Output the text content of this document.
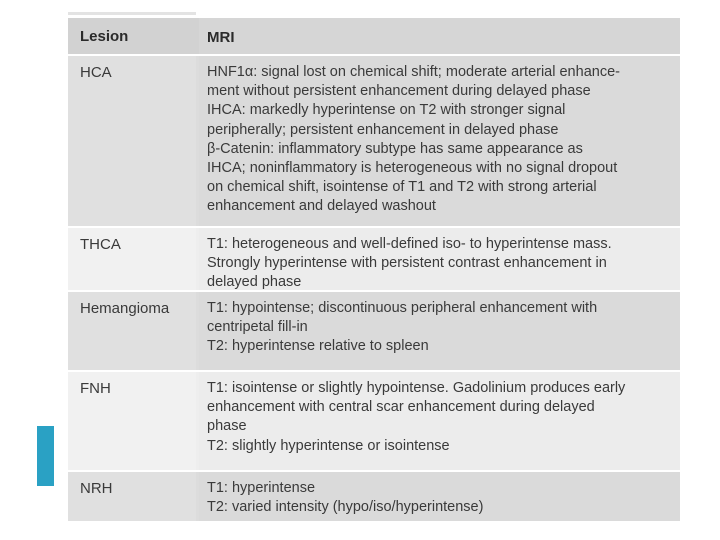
Lesion	MRI
HCA	HNF1α: signal lost on chemical shift; moderate arterial enhance-
ment without persistent enhancement during delayed phase
IHCA: markedly hyperintense on T2 with stronger signal
peripherally; persistent enhancement in delayed phase
β-Catenin: inflammatory subtype has same appearance as
IHCA; noninflammatory is heterogeneous with no signal dropout
on chemical shift, isointense of T1 and T2 with strong arterial
enhancement and delayed washout
THCA	T1: heterogeneous and well-defined iso- to hyperintense mass.
Strongly hyperintense with persistent contrast enhancement in
delayed phase
Hemangioma	T1: hypointense; discontinuous peripheral enhancement with
centripetal fill-in
T2: hyperintense relative to spleen
FNH	T1: isointense or slightly hypointense. Gadolinium produces early
enhancement with central scar enhancement during delayed
phase
T2: slightly hyperintense or isointense
NRH	T1: hyperintense
T2: varied intensity (hypo/iso/hyperintense)
